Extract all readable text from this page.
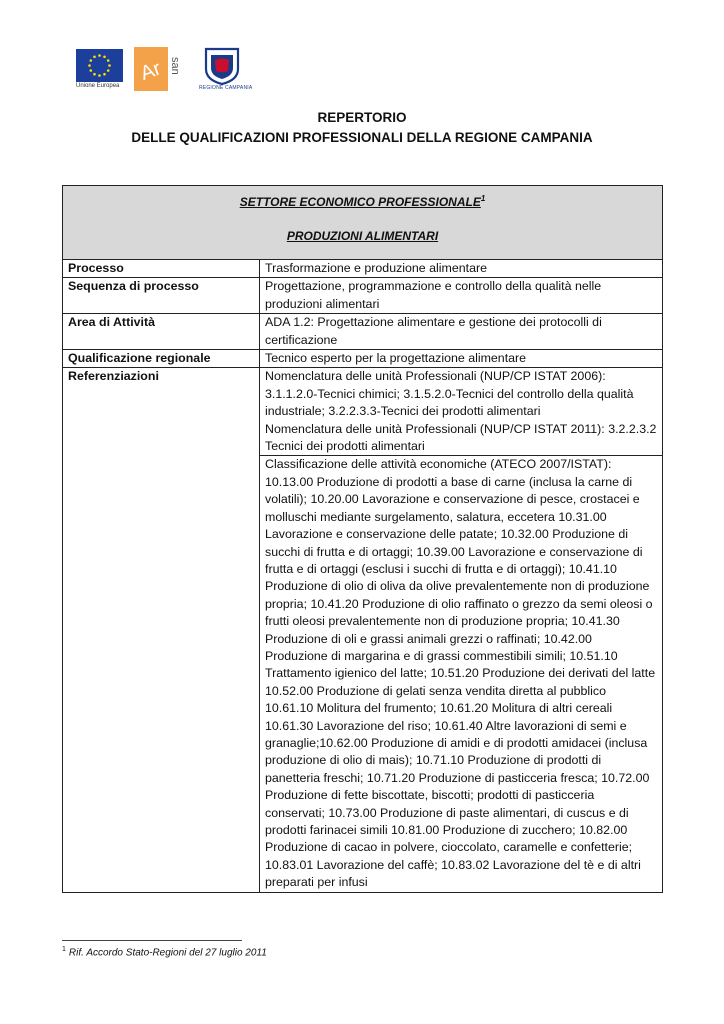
Unione Europea
Ar san
REGIONE CAMPANIA
REPERTORIO
DELLE QUALIFICAZIONI PROFESSIONALI DELLA REGIONE CAMPANIA
SETTORE ECONOMICO PROFESSIONALE$^1$
PRODUZIONI ALIMENTARI	

Processo	Trasformazione e produzione alimentare
Sequenza di processo	Progettazione, programmazione e controllo della qualità nelle produzioni alimentari
Area di Attività	ADA 1.2: Progettazione alimentare e gestione dei protocolli di certificazione
Qualificazione regionale	Tecnico esperto per la progettazione alimentare
Referenziazioni	Nomenclatura delle unità Professionali (NUP/CP ISTAT 2006): 3.1.1.2.0-Tecnici chimici; 3.1.5.2.0-Tecnici del controllo della qualità industriale; 3.2.2.3.3-Tecnici dei prodotti alimentari

Nomenclatura delle unità Professionali (NUP/CP ISTAT 2011): 3.2.2.3.2 Tecnici dei prodotti alimentari

	Classificazione delle attività economiche (ATECO 2007/ISTAT): 10.13.00 Produzione di prodotti a base di carne (inclusa la carne di volatili); 10.20.00 Lavorazione e conservazione di pesce, crostacei e molluschi mediante surgelamento, salatura, eccetera 10.31.00 Lavorazione e conservazione delle patate; 10.32.00 Produzione di succhi di frutta e di ortaggi; 10.39.00 Lavorazione e conservazione di frutta e di ortaggi (esclusi i succhi di frutta e di ortaggi); 10.41.10 Produzione di olio di oliva da olive prevalentemente non di produzione propria; 10.41.20 Produzione di olio raffinato o grezzo da semi oleosi o frutti oleosi prevalentemente non di produzione propria; 10.41.30 Produzione di oli e grassi animali grezzi o raffinati; 10.42.00 Produzione di margarina e di grassi commestibili simili; 10.51.10 Trattamento igienico del latte; 10.51.20 Produzione dei derivati del latte 10.52.00 Produzione di gelati senza vendita diretta al pubblico 10.61.10 Molitura del frumento; 10.61.20 Molitura di altri cereali 10.61.30 Lavorazione del riso; 10.61.40 Altre lavorazioni di semi e granaglie;10.62.00 Produzione di amidi e di prodotti amidacei (inclusa produzione di olio di mais); 10.71.10 Produzione di prodotti di panetteria freschi; 10.71.20 Produzione di pasticceria fresca; 10.72.00 Produzione di fette biscottate, biscotti; prodotti di pasticceria conservati; 10.73.00 Produzione di paste alimentari, di cuscus e di prodotti farinacei simili 10.81.00 Produzione di zucchero; 10.82.00 Produzione di cacao in polvere, cioccolato, caramelle e confetterie; 10.83.01 Lavorazione del caffè; 10.83.02 Lavorazione del tè e di altri preparati per infusi
$^1$ Rif. Accordo Stato-Regioni del 27 luglio 2011
